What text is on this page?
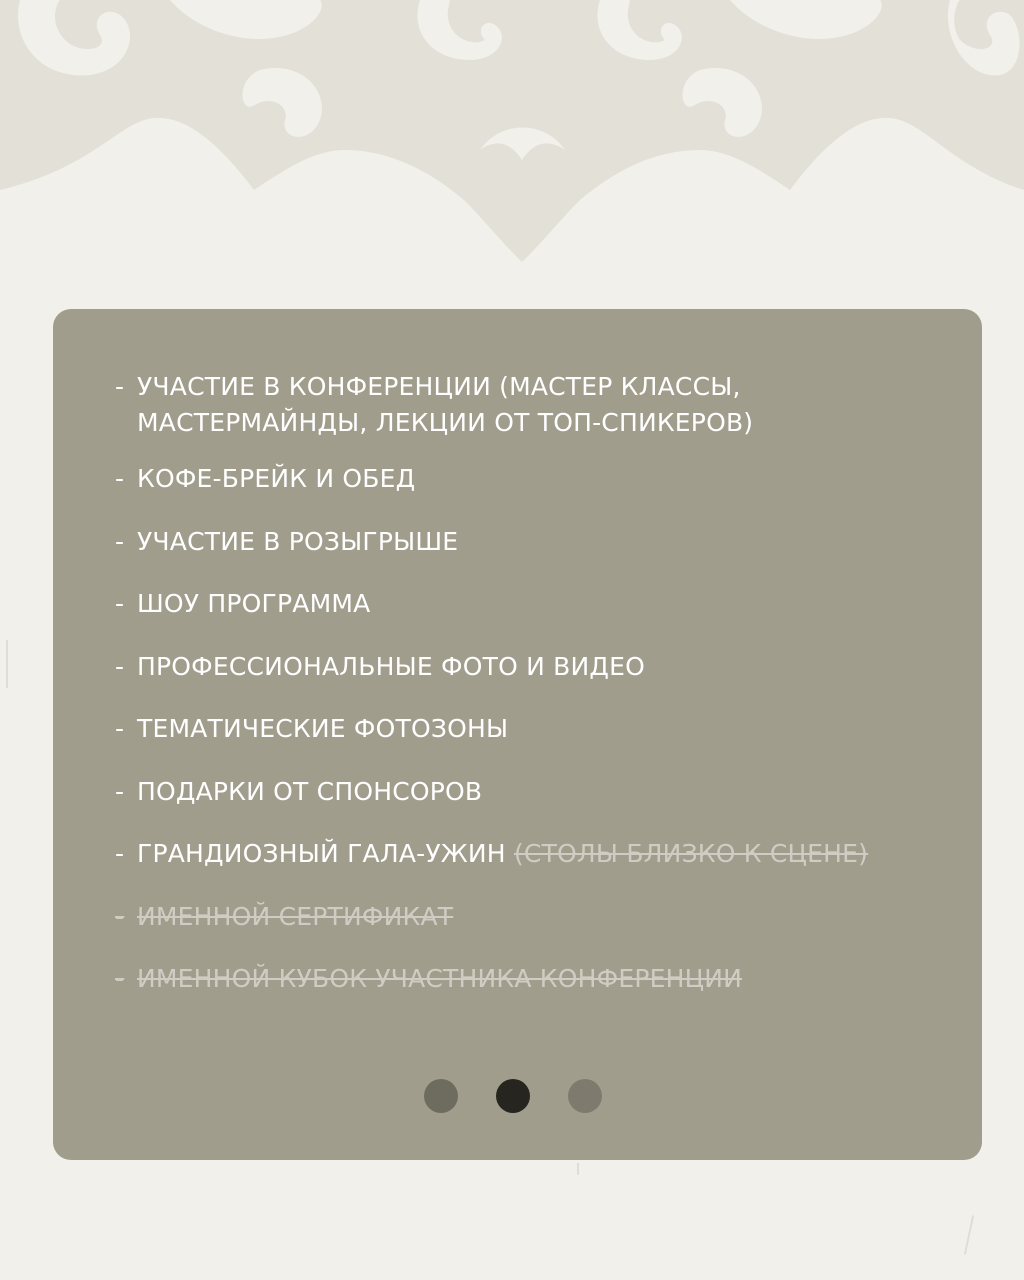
- УЧАСТИЕ В КОНФЕРЕНЦИИ (МАСТЕР КЛАССЫ,
МАСТЕРМАЙНДЫ, ЛЕКЦИИ ОТ ТОП-СПИКЕРОВ)
- КОФЕ-БРЕЙК И ОБЕД
- УЧАСТИЕ В РОЗЫГРЫШЕ
- ШОУ ПРОГРАММА
- ПРОФЕССИОНАЛЬНЫЕ ФОТО И ВИДЕО
- ТЕМАТИЧЕСКИЕ ФОТОЗОНЫ
- ПОДАРКИ ОТ СПОНСОРОВ
- ГРАНДИОЗНЫЙ ГАЛА-УЖИН (СТОЛЫ БЛИЗКО К СЦЕНЕ)
- ИМЕННОЙ СЕРТИФИКАТ
- ИМЕННОЙ КУБОК УЧАСТНИКА КОНФЕРЕНЦИИ
